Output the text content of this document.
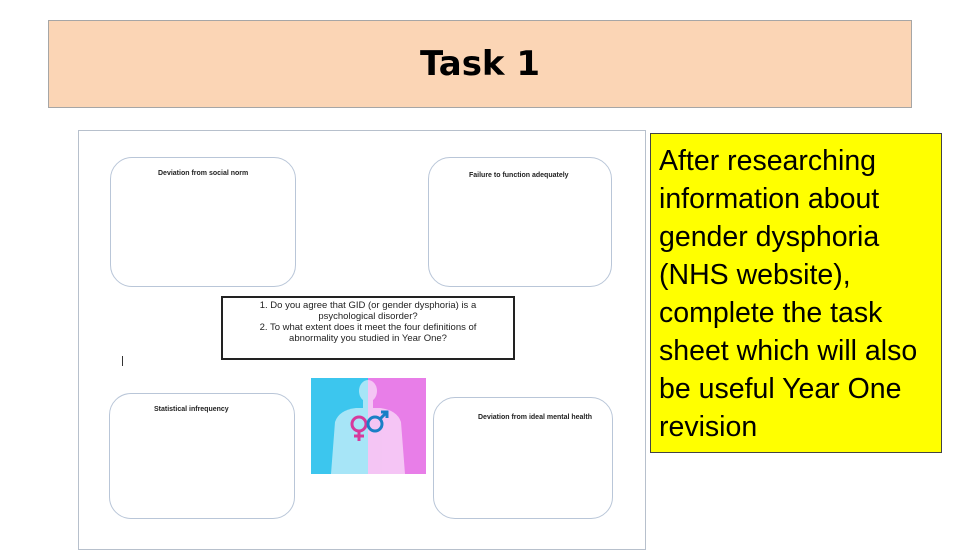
Task 1
Deviation from social norm	Failure to function adequately
1. Do you agree that GID (or gender dysphoria) is a
psychological disorder?
2. To what extent does it meet the four definitions of
abnormality you studied in Year One?
Statistical infrequency
Deviation from ideal mental health

After researching information about gender dysphoria (NHS website), complete the task sheet which will also be useful Year One revision
